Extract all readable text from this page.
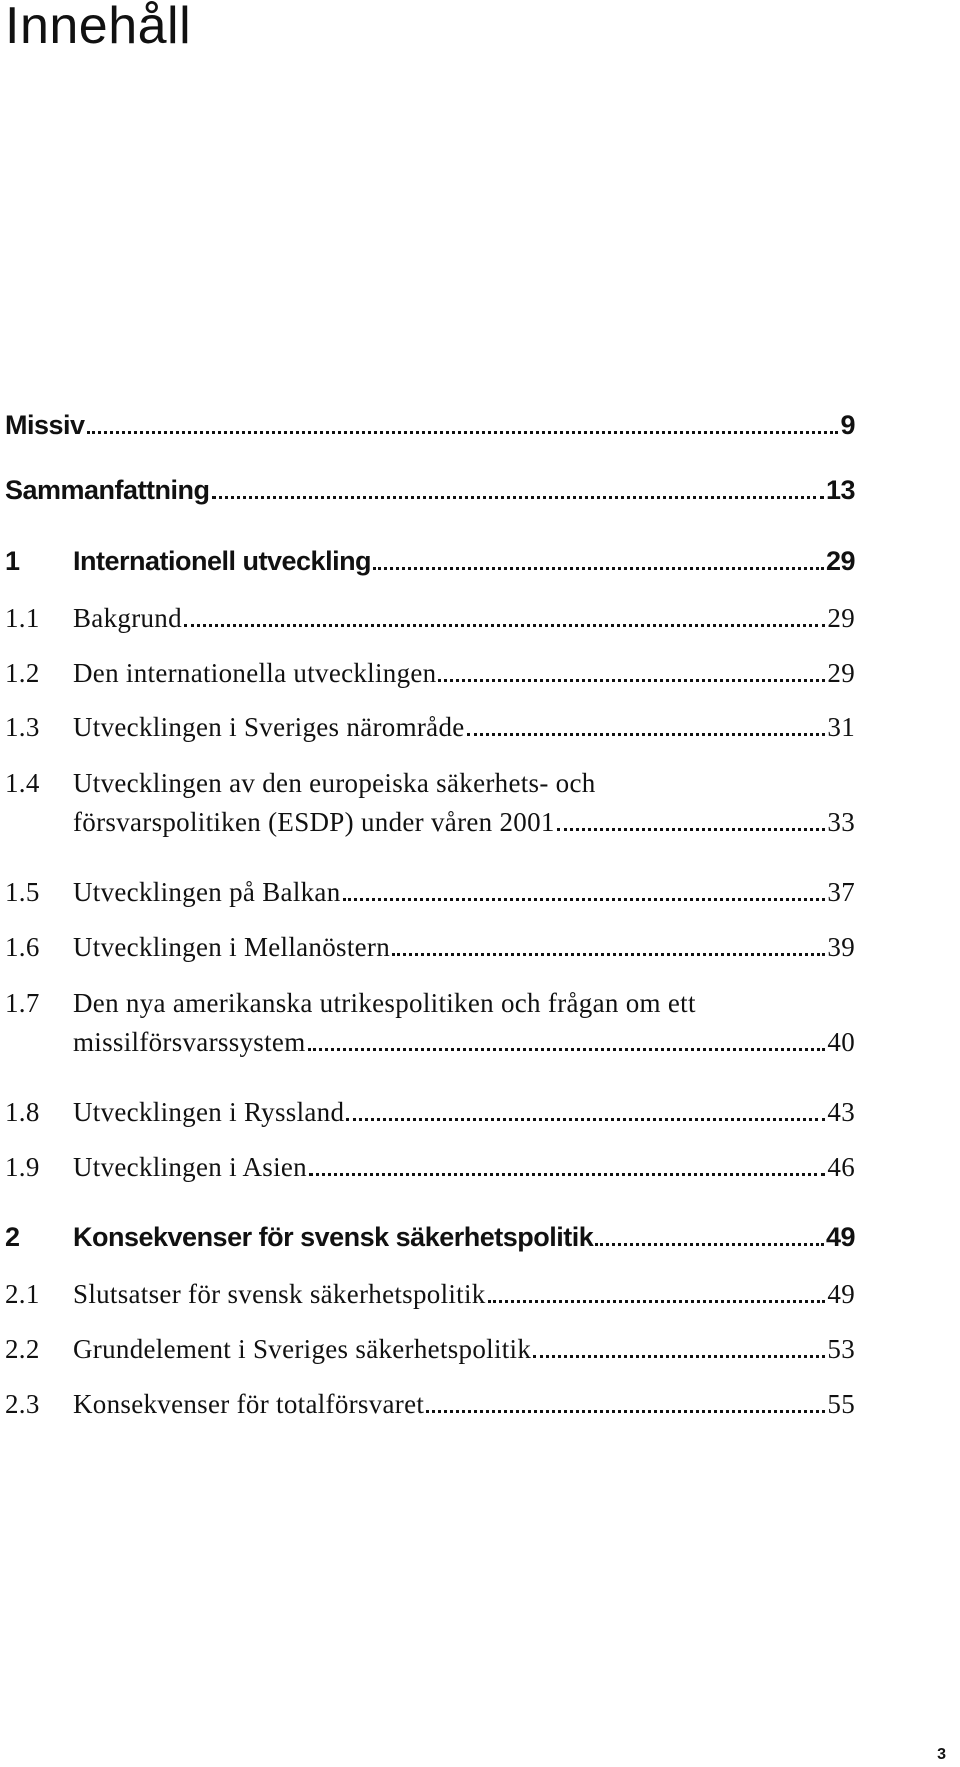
Innehåll
Missiv	9
Sammanfattning	13
1	Internationell utveckling	29
1.1	Bakgrund	29
1.2	Den internationella utvecklingen	29
1.3	Utvecklingen i Sveriges närområde	31
1.4	Utvecklingen av den europeiska säkerhets- och
försvarspolitiken (ESDP) under våren 2001	33
1.5	Utvecklingen på Balkan	37
1.6	Utvecklingen i Mellanöstern	39
1.7	Den nya amerikanska utrikespolitiken och frågan om ett
missilförsvarssystem	40
1.8	Utvecklingen i Ryssland	43
1.9	Utvecklingen i Asien	46
2	Konsekvenser för svensk säkerhetspolitik	49
2.1	Slutsatser för svensk säkerhetspolitik	49
2.2	Grundelement i Sveriges säkerhetspolitik	53
2.3	Konsekvenser för totalförsvaret	55
3
